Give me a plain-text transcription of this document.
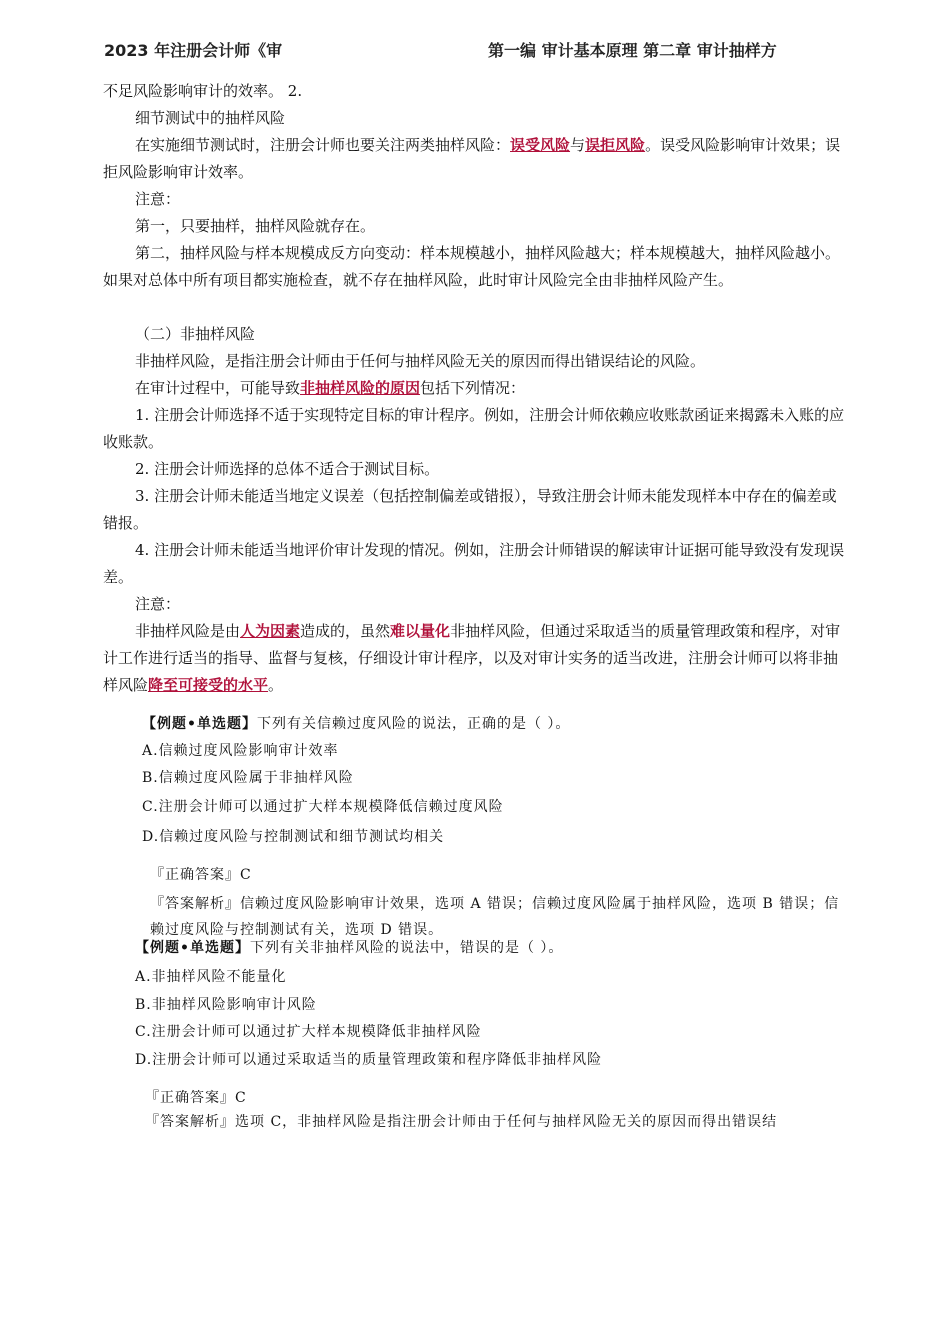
2023 年注册会计师《审	第一编 审计基本原理 第二章 审计抽样方

不足风险影响审计的效率。 2.

细节测试中的抽样风险

在实施细节测试时，注册会计师也要关注两类抽样风险：误受风险与误拒风险。误受风险影响审计效果；误拒风险影响审计效率。

注意：

第一，只要抽样，抽样风险就存在。

第二，抽样风险与样本规模成反方向变动：样本规模越小，抽样风险越大；样本规模越大，抽样风险越小。如果对总体中所有项目都实施检查，就不存在抽样风险，此时审计风险完全由非抽样风险产生。

（二）非抽样风险

非抽样风险，是指注册会计师由于任何与抽样风险无关的原因而得出错误结论的风险。

在审计过程中，可能导致非抽样风险的原因包括下列情况：

1. 注册会计师选择不适于实现特定目标的审计程序。例如，注册会计师依赖应收账款函证来揭露未入账的应收账款。

2. 注册会计师选择的总体不适合于测试目标。

3. 注册会计师未能适当地定义误差（包括控制偏差或错报），导致注册会计师未能发现样本中存在的偏差或错报。

4. 注册会计师未能适当地评价审计发现的情况。例如，注册会计师错误的解读审计证据可能导致没有发现误差。

注意：

非抽样风险是由人为因素造成的，虽然难以量化非抽样风险，但通过采取适当的质量管理政策和程序，对审计工作进行适当的指导、监督与复核，仔细设计审计程序，以及对审计实务的适当改进，注册会计师可以将非抽样风险降至可接受的水平。

【例题•单选题】下列有关信赖过度风险的说法，正确的是（ ）。

A.信赖过度风险影响审计效率

B.信赖过度风险属于非抽样风险

C.注册会计师可以通过扩大样本规模降低信赖过度风险

D.信赖过度风险与控制测试和细节测试均相关

『正确答案』C

『答案解析』信赖过度风险影响审计效果，选项 A 错误；信赖过度风险属于抽样风险，选项 B 错误；信赖过度风险与控制测试有关，选项 D 错误。

【例题•单选题】下列有关非抽样风险的说法中，错误的是（ ）。

A.非抽样风险不能量化

B.非抽样风险影响审计风险

C.注册会计师可以通过扩大样本规模降低非抽样风险

D.注册会计师可以通过采取适当的质量管理政策和程序降低非抽样风险

『正确答案』C

『答案解析』选项 C，非抽样风险是指注册会计师由于任何与抽样风险无关的原因而得出错误结
